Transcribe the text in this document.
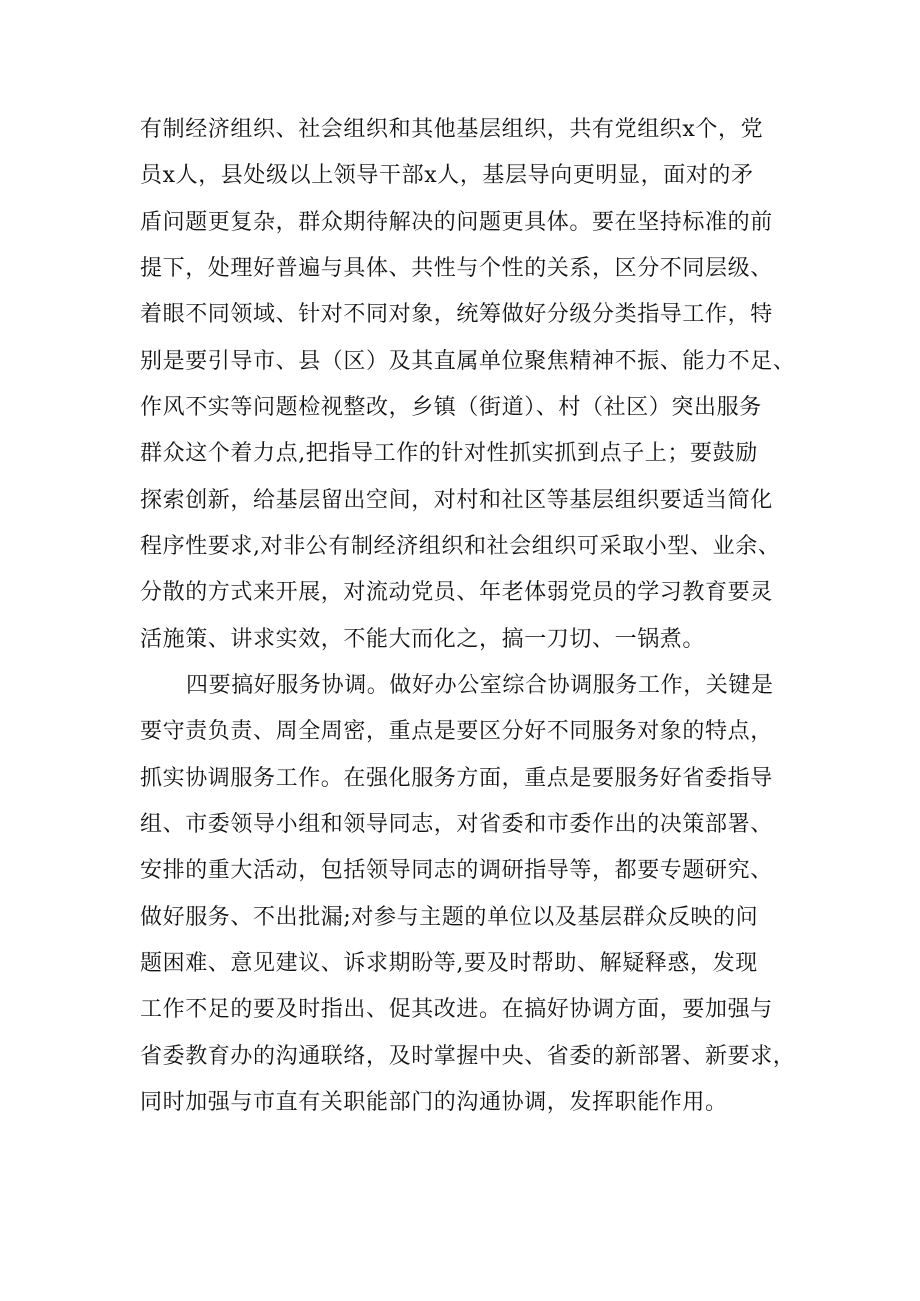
有制经济组织、社会组织和其他基层组织，共有党组织x个，党
员x人，县处级以上领导干部x人，基层导向更明显，面对的矛
盾问题更复杂，群众期待解决的问题更具体。要在坚持标准的前
提下，处理好普遍与具体、共性与个性的关系，区分不同层级、
着眼不同领域、针对不同对象，统筹做好分级分类指导工作，特
别是要引导市、县（区）及其直属单位聚焦精神不振、能力不足、
作风不实等问题检视整改，乡镇（街道）、村（社区）突出服务
群众这个着力点,把指导工作的针对性抓实抓到点子上；要鼓励
探索创新，给基层留出空间，对村和社区等基层组织要适当简化
程序性要求,对非公有制经济组织和社会组织可采取小型、业余、
分散的方式来开展，对流动党员、年老体弱党员的学习教育要灵
活施策、讲求实效，不能大而化之，搞一刀切、一锅煮。
四要搞好服务协调。做好办公室综合协调服务工作，关键是
要守责负责、周全周密，重点是要区分好不同服务对象的特点，
抓实协调服务工作。在强化服务方面，重点是要服务好省委指导
组、市委领导小组和领导同志，对省委和市委作出的决策部署、
安排的重大活动，包括领导同志的调研指导等，都要专题研究、
做好服务、不出批漏;对参与主题的单位以及基层群众反映的问
题困难、意见建议、诉求期盼等,要及时帮助、解疑释惑，发现
工作不足的要及时指出、促其改进。在搞好协调方面，要加强与
省委教育办的沟通联络，及时掌握中央、省委的新部署、新要求，
同时加强与市直有关职能部门的沟通协调，发挥职能作用。
